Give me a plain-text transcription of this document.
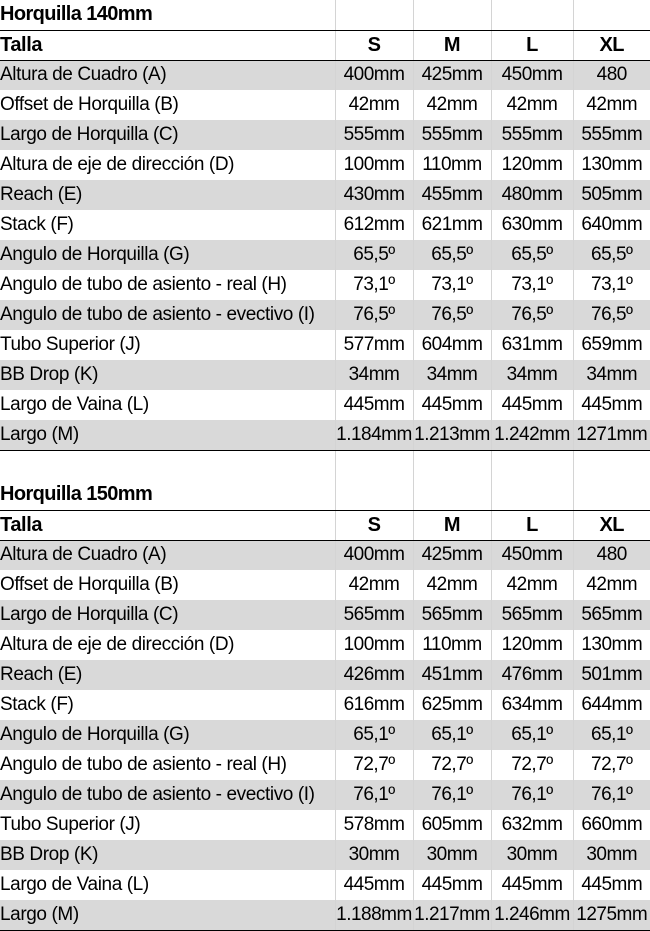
Horquilla 140mm				
Talla	S	M	L	XL
Altura de Cuadro (A)	400mm	425mm	450mm	480
Offset de Horquilla (B)	42mm	42mm	42mm	42mm
Largo de Horquilla (C)	555mm	555mm	555mm	555mm
Altura de eje de dirección (D)	100mm	110mm	120mm	130mm
Reach (E)	430mm	455mm	480mm	505mm
Stack (F)	612mm	621mm	630mm	640mm
Angulo de Horquilla (G)	65,5º	65,5º	65,5º	65,5º
Angulo de tubo de asiento - real (H)	73,1º	73,1º	73,1º	73,1º
Angulo de tubo de asiento - evectivo (I)	76,5º	76,5º	76,5º	76,5º
Tubo Superior (J)	577mm	604mm	631mm	659mm
BB Drop (K)	34mm	34mm	34mm	34mm
Largo de Vaina (L)	445mm	445mm	445mm	445mm
Largo (M)	1.184mm	1.213mm	1.242mm	1271mm

Horquilla 150mm				
Talla	S	M	L	XL
Altura de Cuadro (A)	400mm	425mm	450mm	480
Offset de Horquilla (B)	42mm	42mm	42mm	42mm
Largo de Horquilla (C)	565mm	565mm	565mm	565mm
Altura de eje de dirección (D)	100mm	110mm	120mm	130mm
Reach (E)	426mm	451mm	476mm	501mm
Stack (F)	616mm	625mm	634mm	644mm
Angulo de Horquilla (G)	65,1º	65,1º	65,1º	65,1º
Angulo de tubo de asiento - real (H)	72,7º	72,7º	72,7º	72,7º
Angulo de tubo de asiento - evectivo (I)	76,1º	76,1º	76,1º	76,1º
Tubo Superior (J)	578mm	605mm	632mm	660mm
BB Drop (K)	30mm	30mm	30mm	30mm
Largo de Vaina (L)	445mm	445mm	445mm	445mm
Largo (M)	1.188mm	1.217mm	1.246mm	1275mm
